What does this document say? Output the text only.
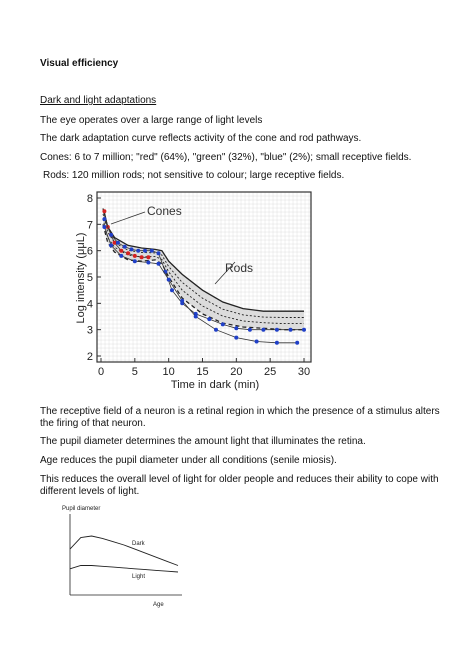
Visual efficiency
Dark and light adaptations
The eye operates over a large range of light levels
The dark adaptation curve reflects activity of the cone and rod pathways.
Cones: 6 to 7 million; "red" (64%), "green" (32%), "blue" (2%); small receptive fields.
Rods: 120 million rods; not sensitive to colour; large receptive fields.
0	5 10 15 20 25 30
2
3
4
5
6
7
8
Cones
Rods
Time in dark (min)
Log intensity (μμL)
The receptive field of a neuron is a retinal region in which the presence of a stimulus alters the firing of that neuron.
The pupil diameter determines the amount light that illuminates the retina.
Age reduces the pupil diameter under all conditions (senile miosis).
This reduces the overall level of light for older people and reduces their ability to cope with different levels of light.
Pupil diameter
Dark
Light
Age
